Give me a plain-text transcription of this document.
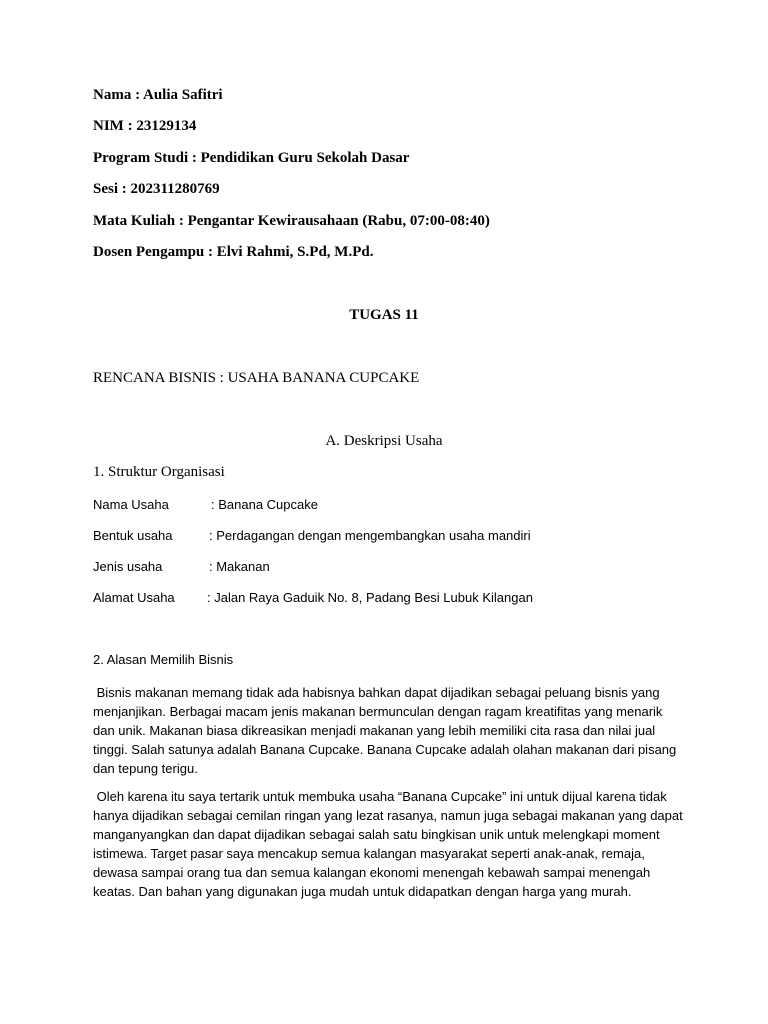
Nama : Aulia Safitri
NIM : 23129134
Program Studi : Pendidikan Guru Sekolah Dasar
Sesi : 202311280769
Mata Kuliah : Pengantar Kewirausahaan (Rabu, 07:00-08:40)
Dosen Pengampu : Elvi Rahmi, S.Pd, M.Pd.
TUGAS 11
RENCANA BISNIS : USAHA BANANA CUPCAKE
A. Deskripsi Usaha
1. Struktur Organisasi
Nama Usaha	: Banana Cupcake
Bentuk usaha	: Perdagangan dengan mengembangkan usaha mandiri
Jenis usaha	: Makanan
Alamat Usaha : Jalan Raya Gaduik No. 8, Padang Besi Lubuk Kilangan
2. Alasan Memilih Bisnis
Bisnis makanan memang tidak ada habisnya bahkan dapat dijadikan sebagai peluang bisnis yang
menjanjikan. Berbagai macam jenis makanan bermunculan dengan ragam kreatifitas yang menarik
dan unik. Makanan biasa dikreasikan menjadi makanan yang lebih memiliki cita rasa dan nilai jual
tinggi. Salah satunya adalah Banana Cupcake. Banana Cupcake adalah olahan makanan dari pisang
dan tepung terigu.
Oleh karena itu saya tertarik untuk membuka usaha “Banana Cupcake” ini untuk dijual karena tidak
hanya dijadikan sebagai cemilan ringan yang lezat rasanya, namun juga sebagai makanan yang dapat
manganyangkan dan dapat dijadikan sebagai salah satu bingkisan unik untuk melengkapi moment
istimewa. Target pasar saya mencakup semua kalangan masyarakat seperti anak-anak, remaja,
dewasa sampai orang tua dan semua kalangan ekonomi menengah kebawah sampai menengah
keatas. Dan bahan yang digunakan juga mudah untuk didapatkan dengan harga yang murah.
